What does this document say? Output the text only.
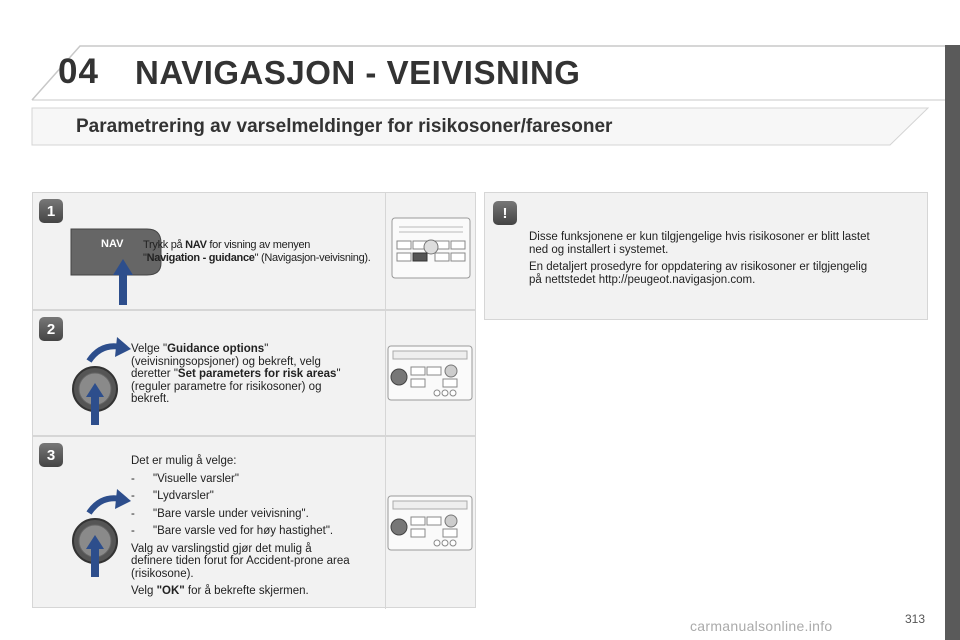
04 NAVIGASJON - VEIVISNING
Parametrering av varselmeldinger for risikosoner/faresoner
1
NAV Trykk på NAV for visning av menyen
"Navigation - guidance" (Navigasjon-veivisning).
2
Velge "Guidance options"
(veivisningsopsjoner) og bekreft, velg
deretter "Set parameters for risk areas"
(reguler parametre for risikosoner) og
bekreft.
3	Det er mulig å velge:

-	"Visuelle varsler"
-	"Lydvarsler"
-	"Bare varsle under veivisning".
-	"Bare varsle ved for høy hastighet".

Valg av varslingstid gjør det mulig å
definere tiden forut for Accident-prone area
(risikosone).

Velg "OK" for å bekrefte skjermen.

!

Disse funksjonene er kun tilgjengelige hvis risikosoner er blitt lastet
ned og installert i systemet.

En detaljert prosedyre for oppdatering av risikosoner er tilgjengelig
på nettstedet http://peugeot.navigasjon.com.

carmanualsonline.info	313
